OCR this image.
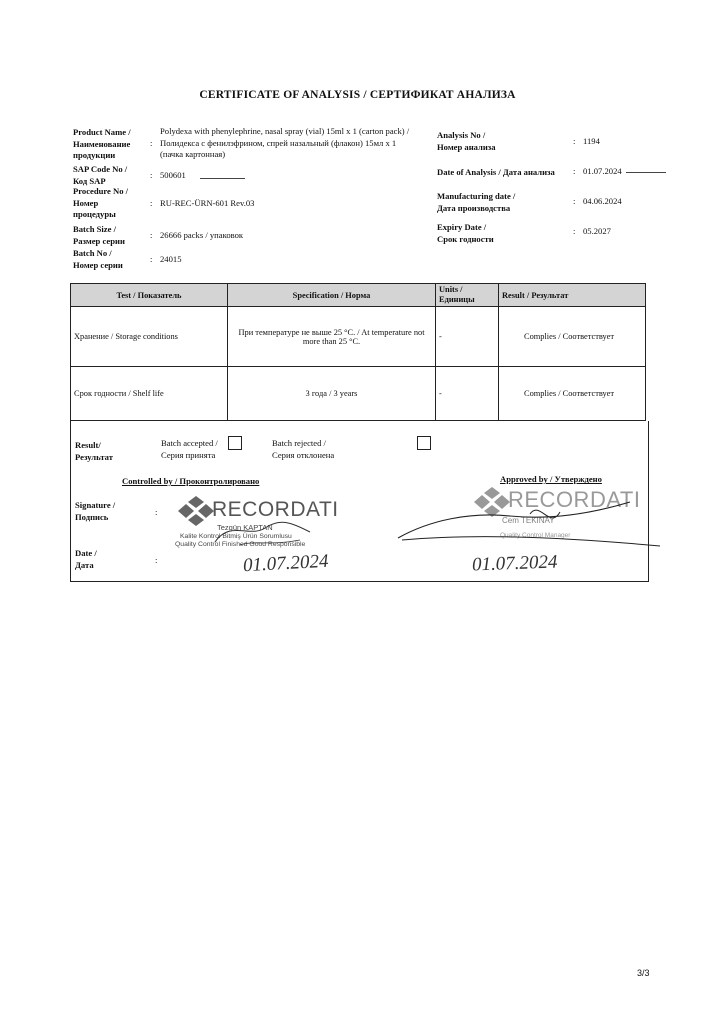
CERTIFICATE OF ANALYSIS / СЕРТИФИКАТ АНАЛИЗА
Product Name /
Наименование
продукции
:
Polydexa with phenylephrine, nasal spray (vial) 15ml x 1 (carton pack) /
Полидекса с фенилэфрином, спрей назальный (флакон) 15мл x 1
(пачка картонная)
SAP Code No /
Код SAP
: 500601
Procedure No /
Номер
процедуры
: RU-REC-ÜRN-601 Rev.03
Batch Size /
Размер серии
: 26666 packs / упаковок
Batch No /
Номер серии
: 24015
Analysis No /
Номер анализа
: 1194
Date of Analysis / Дата анализа : 01.07.2024
Manufacturing date /
Дата производства
: 04.06.2024
Expiry Date /
Срок годности
: 05.2027
Test / Показатель	Specification / Норма	Units /
Единицы	Result / Результат
Хранение / Storage conditions	При температуре не выше 25 °C. / At temperature not more than 25 °C.	-	Complies / Соответствует
Срок годности / Shelf life	3 года / 3 years	-	Complies / Соответствует
Result/
Результат
Batch accepted /
Серия принята
Batch rejected /
Серия отклонена
Controlled by / Проконтролировано	Approved by / Утверждено
Signature /
Подпись	:
Date /
Дата	:
RECORDATI
Tezgün KAPTAN
Kalite Kontrol Bitmiş Ürün Sorumlusu
Quality Control Finished Good Responsible
01.07.2024
RECORDATI
Cem TEKINAY
Quality Control Manager
01.07.2024
3/3
